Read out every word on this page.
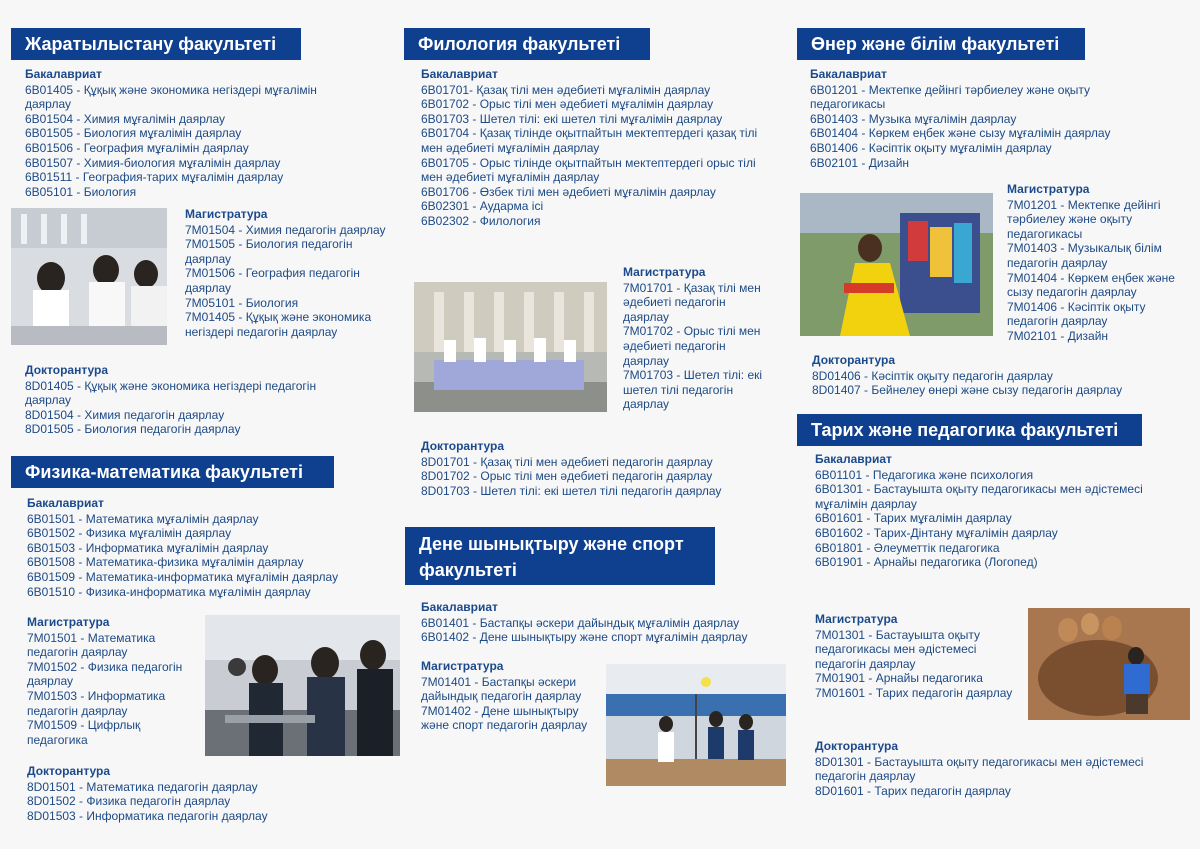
Жаратылыстану факультеті
Бакалавриат
6B01405 - Құқық және экономика негіздері мұғалімін даярлау
6B01504 - Химия мұғалімін даярлау
6B01505 - Биология мұғалімін даярлау
6B01506 - География мұғалімін даярлау
6B01507 - Химия-биология мұғалімін даярлау
6B01511 - География-тарих мұғалімін даярлау
6B05101 - Биология
Магистратура
7M01504 - Химия педагогін даярлау
7M01505 - Биология педагогін даярлау
7M01506 - География педагогін даярлау
7M05101 - Биология
7M01405 - Құқық және экономика негіздері педагогін даярлау
Докторантура
8D01405 - Құқық және экономика негіздері педагогін даярлау
8D01504 - Химия педагогін даярлау
8D01505 - Биология педагогін даярлау
Физика-математика факультеті
Бакалавриат
6B01501 - Математика мұғалімін даярлау
6B01502 - Физика мұғалімін даярлау
6B01503 - Информатика мұғалімін даярлау
6B01508 - Математика-физика мұғалімін даярлау
6B01509 - Математика-информатика мұғалімін даярлау
6B01510 - Физика-информатика мұғалімін даярлау
Магистратура
7M01501 - Математика педагогін даярлау
7M01502 - Физика педагогін даярлау
7M01503 - Информатика педагогін даярлау
7M01509 - Цифрлық педагогика
Докторантура
8D01501 - Математика педагогін даярлау
8D01502 - Физика педагогін даярлау
8D01503 - Информатика педагогін даярлау
Филология факультеті
Бакалавриат
6B01701- Қазақ тілі мен әдебиеті мұғалімін даярлау
6B01702 - Орыс тілі мен әдебиеті мұғалімін даярлау
6B01703 - Шетел тілі: екі шетел тілі мұғалімін даярлау
6B01704 - Қазақ тілінде оқытпайтын мектептердегі қазақ тілі мен әдебиеті мұғалімін даярлау
6B01705 - Орыс тілінде оқытпайтын мектептердегі орыс тілі мен әдебиеті мұғалімін даярлау
6B01706 - Өзбек тілі мен әдебиеті мұғалімін даярлау
6B02301 - Аударма ісі
6B02302 - Филология
Магистратура
7M01701 - Қазақ тілі мен әдебиеті педагогін даярлау
7M01702 - Орыс тілі мен әдебиеті педагогін даярлау
7M01703 - Шетел тілі: екі шетел тілі педагогін даярлау
Докторантура
8D01701 - Қазақ тілі мен әдебиеті педагогін даярлау
8D01702 - Орыс тілі мен әдебиеті педагогін даярлау
8D01703 - Шетел тілі: екі шетел тілі педагогін даярлау
Дене шынықтыру және спорт
факультеті
Бакалавриат
6B01401 - Бастапқы әскери дайындық мұғалімін даярлау
6B01402 - Дене шынықтыру және спорт мұғалімін даярлау
Магистратура
7M01401 - Бастапқы әскери дайындық педагогін даярлау
7M01402 - Дене шынықтыру және спорт педагогін даярлау
Өнер және білім факультеті
Бакалавриат
6B01201 - Мектепке дейінгі тәрбиелеу және оқыту педагогикасы
6B01403 - Музыка мұғалімін даярлау
6B01404 - Көркем еңбек және сызу мұғалімін даярлау
6B01406 - Кәсіптік оқыту мұғалімін даярлау
6B02101 - Дизайн
Магистратура
7M01201 - Мектепке дейінгі тәрбиелеу және оқыту педагогикасы
7M01403 - Музыкалық білім педагогін даярлау
7M01404 - Көркем еңбек және сызу педагогін даярлау
7M01406 - Кәсіптік оқыту педагогін даярлау
7M02101 - Дизайн
Докторантура
8D01406 - Кәсіптік оқыту педагогін даярлау
8D01407 - Бейнелеу өнері және сызу педагогін даярлау
Тарих және педагогика факультеті
Бакалавриат
6B01101 - Педагогика және психология
6B01301 - Бастауышта оқыту педагогикасы мен әдістемесі мұғалімін даярлау
6B01601 - Тарих мұғалімін даярлау
6B01602 - Тарих-Дінтану мұғалімін даярлау
6B01801 - Әлеуметтік педагогика
6B01901 - Арнайы педагогика (Логопед)
Магистратура
7M01301 - Бастауышта оқыту педагогикасы мен әдістемесі педагогін даярлау
7M01901 - Арнайы педагогика
7M01601 - Тарих педагогін даярлау
Докторантура
8D01301 - Бастауышта оқыту педагогикасы мен әдістемесі педагогін даярлау
8D01601 - Тарих педагогін даярлау
